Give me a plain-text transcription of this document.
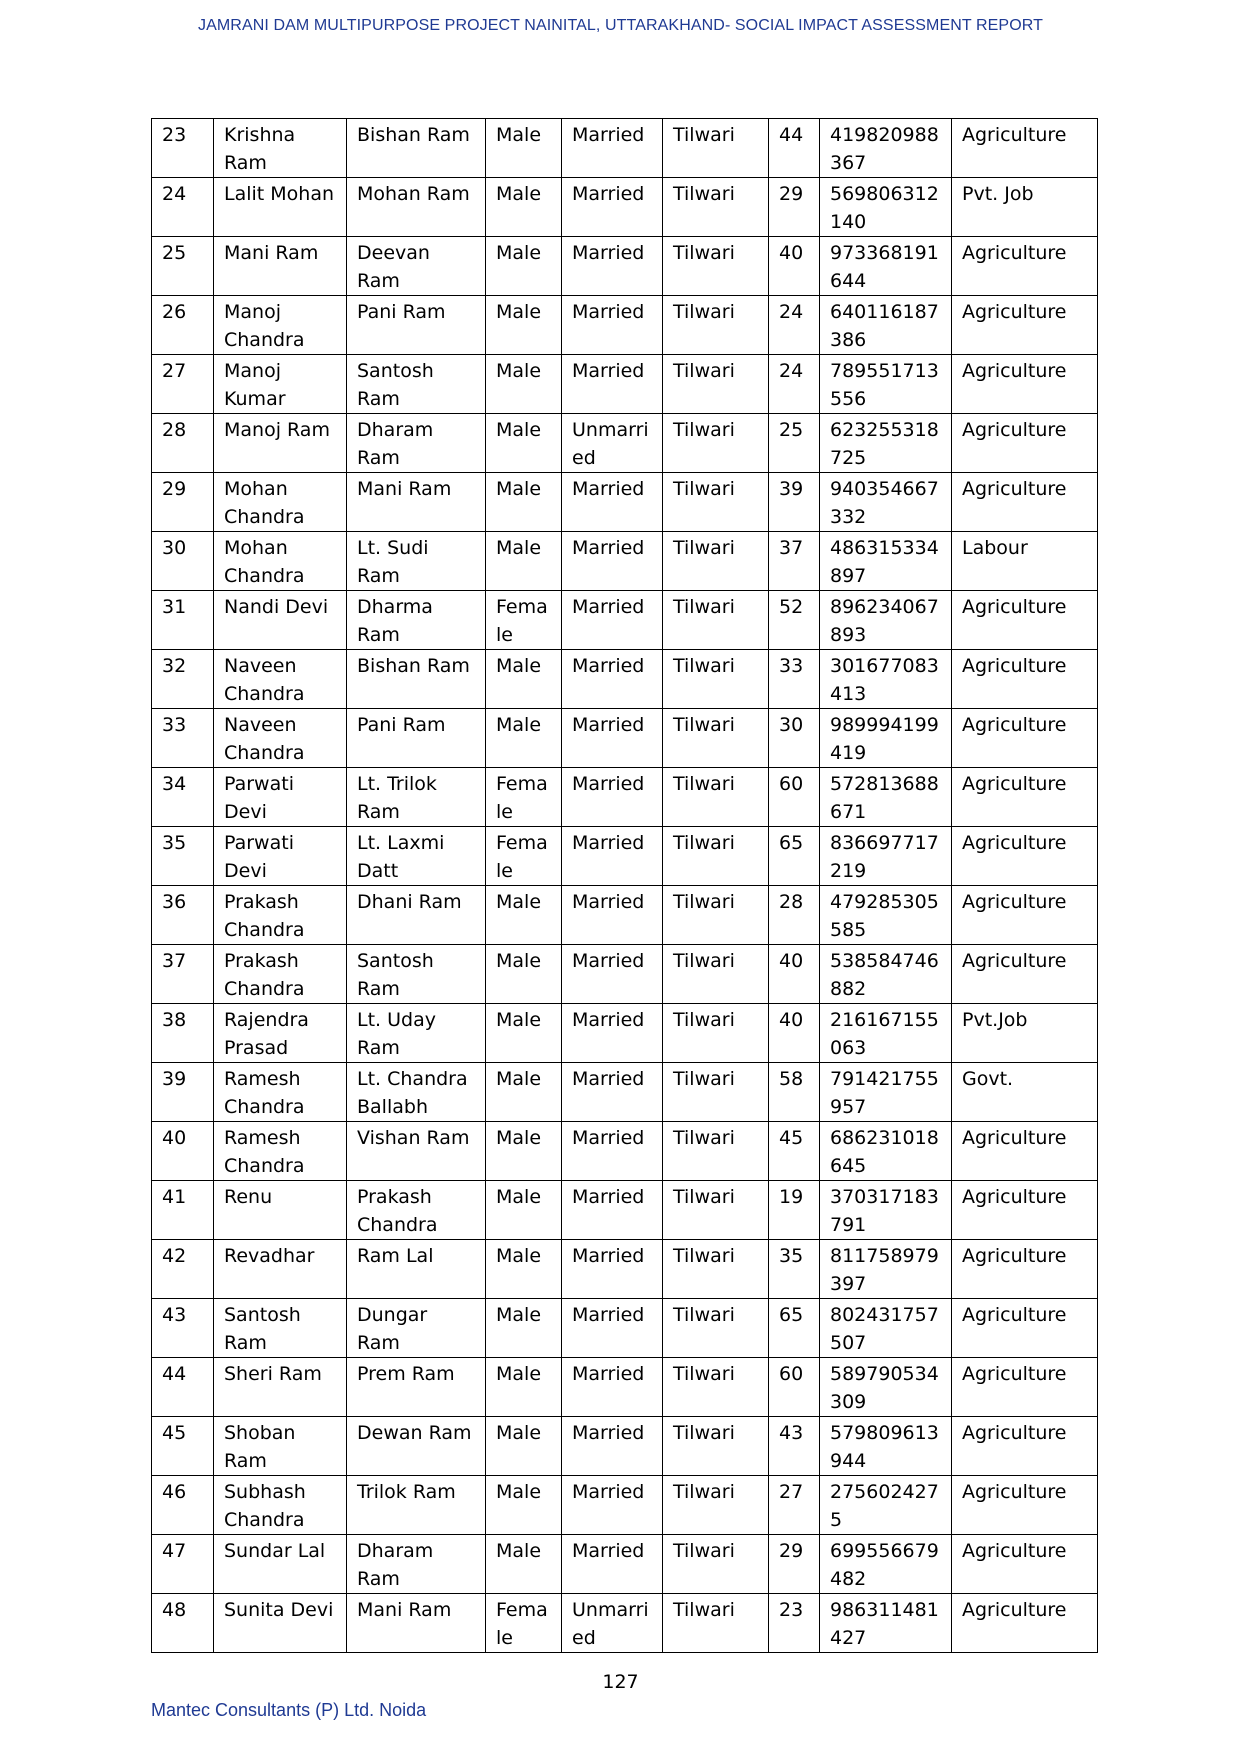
JAMRANI DAM MULTIPURPOSE PROJECT NAINITAL, UTTARAKHAND- SOCIAL IMPACT ASSESSMENT REPORT
23	Krishna Ram	Bishan Ram	Male	Married	Tilwari	44	419820988367	Agriculture
24	Lalit Mohan	Mohan Ram	Male	Married	Tilwari	29	569806312140	Pvt. Job
25	Mani Ram	Deevan Ram	Male	Married	Tilwari	40	973368191644	Agriculture
26	Manoj Chandra	Pani Ram	Male	Married	Tilwari	24	640116187386	Agriculture
27	Manoj Kumar	Santosh Ram	Male	Married	Tilwari	24	789551713556	Agriculture
28	Manoj Ram	Dharam Ram	Male	Unmarried	Tilwari	25	623255318725	Agriculture
29	Mohan Chandra	Mani Ram	Male	Married	Tilwari	39	940354667332	Agriculture
30	Mohan Chandra	Lt. Sudi Ram	Male	Married	Tilwari	37	486315334897	Labour
31	Nandi Devi	Dharma Ram	Female	Married	Tilwari	52	896234067893	Agriculture
32	Naveen Chandra	Bishan Ram	Male	Married	Tilwari	33	301677083413	Agriculture
33	Naveen Chandra	Pani Ram	Male	Married	Tilwari	30	989994199419	Agriculture
34	Parwati Devi	Lt. Trilok Ram	Female	Married	Tilwari	60	572813688671	Agriculture
35	Parwati Devi	Lt. Laxmi Datt	Female	Married	Tilwari	65	836697717219	Agriculture
36	Prakash Chandra	Dhani Ram	Male	Married	Tilwari	28	479285305585	Agriculture
37	Prakash Chandra	Santosh Ram	Male	Married	Tilwari	40	538584746882	Agriculture
38	Rajendra Prasad	Lt. Uday Ram	Male	Married	Tilwari	40	216167155063	Pvt.Job
39	Ramesh Chandra	Lt. Chandra Ballabh	Male	Married	Tilwari	58	791421755957	Govt.
40	Ramesh Chandra	Vishan Ram	Male	Married	Tilwari	45	686231018645	Agriculture
41	Renu	Prakash Chandra	Male	Married	Tilwari	19	370317183791	Agriculture
42	Revadhar	Ram Lal	Male	Married	Tilwari	35	811758979397	Agriculture
43	Santosh Ram	Dungar Ram	Male	Married	Tilwari	65	802431757507	Agriculture
44	Sheri Ram	Prem Ram	Male	Married	Tilwari	60	589790534309	Agriculture
45	Shoban Ram	Dewan Ram	Male	Married	Tilwari	43	579809613944	Agriculture
46	Subhash Chandra	Trilok Ram	Male	Married	Tilwari	27	2756024275	Agriculture
47	Sundar Lal	Dharam Ram	Male	Married	Tilwari	29	699556679482	Agriculture
48	Sunita Devi	Mani Ram	Female	Unmarried	Tilwari	23	986311481427	Agriculture
127
Mantec Consultants (P) Ltd. Noida
